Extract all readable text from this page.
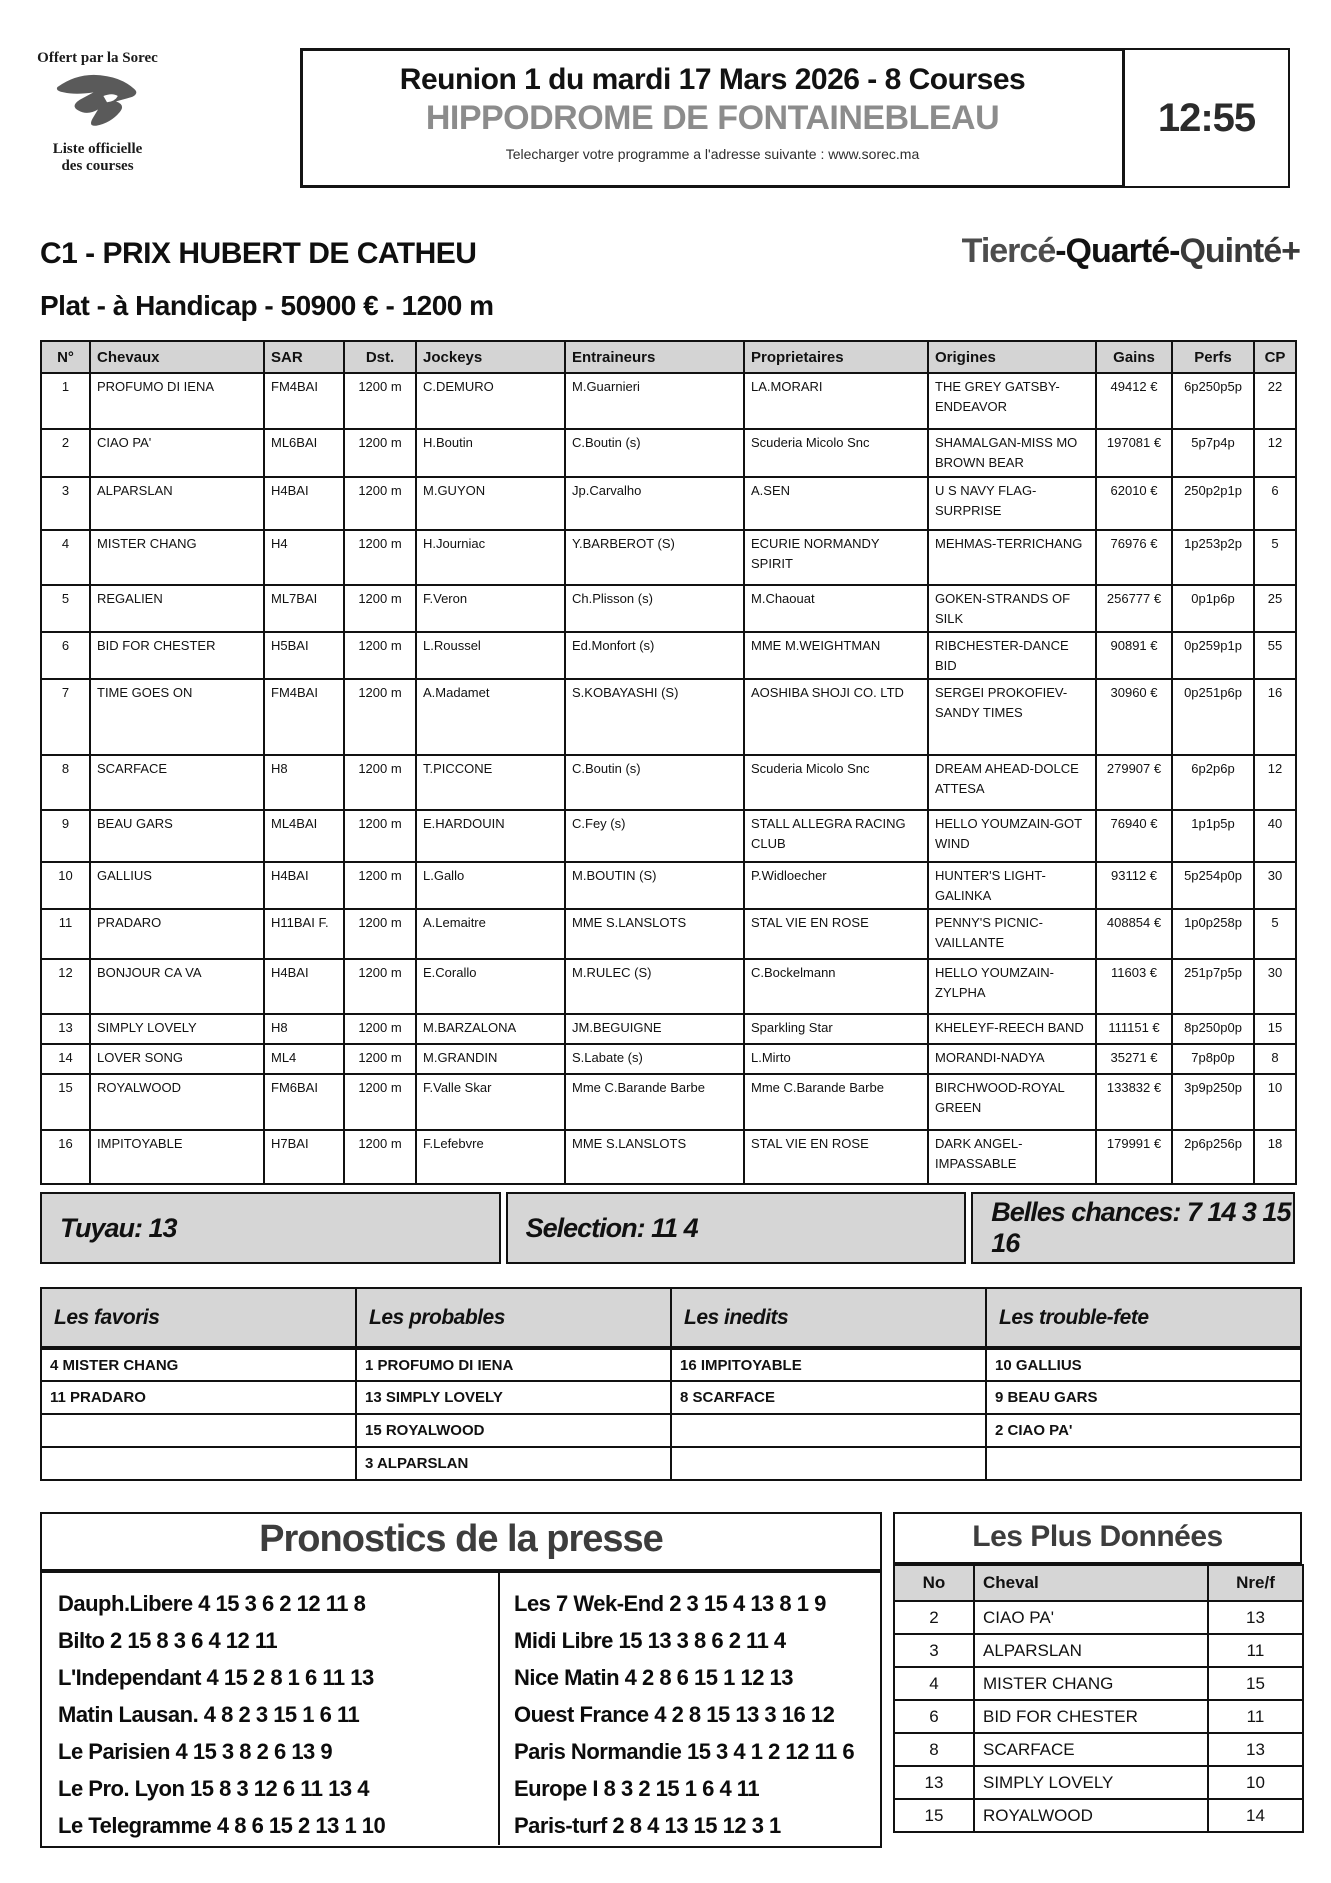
Offert par la Sorec
Liste officielle
des courses
Reunion 1 du mardi 17 Mars 2026 - 8 Courses
HIPPODROME DE FONTAINEBLEAU
Telecharger votre programme a l'adresse suivante : www.sorec.ma
12:55
C1 - PRIX HUBERT DE CATHEU	Tiercé-Quarté-Quinté+
Plat - à Handicap - 50900 € - 1200 m
N°	Chevaux	SAR	Dst.	Jockeys	Entraineurs	Proprietaires	Origines	Gains	Perfs	CP
1	PROFUMO DI IENA	FM4BAI	1200 m	C.DEMURO	M.Guarnieri	LA.MORARI	THE GREY GATSBY-ENDEAVOR	49412 €	6p250p5p	22
2	CIAO PA'	ML6BAI	1200 m	H.Boutin	C.Boutin (s)	Scuderia Micolo Snc	SHAMALGAN-MISS MO BROWN BEAR	197081 €	5p7p4p	12
3	ALPARSLAN	H4BAI	1200 m	M.GUYON	Jp.Carvalho	A.SEN	U S NAVY FLAG-SURPRISE	62010 €	250p2p1p	6
4	MISTER CHANG	H4	1200 m	H.Journiac	Y.BARBEROT (S)	ECURIE NORMANDY SPIRIT	MEHMAS-TERRICHANG	76976 €	1p253p2p	5
5	REGALIEN	ML7BAI	1200 m	F.Veron	Ch.Plisson (s)	M.Chaouat	GOKEN-STRANDS OF SILK	256777 €	0p1p6p	25
6	BID FOR CHESTER	H5BAI	1200 m	L.Roussel	Ed.Monfort (s)	MME M.WEIGHTMAN	RIBCHESTER-DANCE BID	90891 €	0p259p1p	55
7	TIME GOES ON	FM4BAI	1200 m	A.Madamet	S.KOBAYASHI (S)	AOSHIBA SHOJI CO. LTD	SERGEI PROKOFIEV-SANDY TIMES	30960 €	0p251p6p	16
8	SCARFACE	H8	1200 m	T.PICCONE	C.Boutin (s)	Scuderia Micolo Snc	DREAM AHEAD-DOLCE ATTESA	279907 €	6p2p6p	12
9	BEAU GARS	ML4BAI	1200 m	E.HARDOUIN	C.Fey (s)	STALL ALLEGRA RACING CLUB	HELLO YOUMZAIN-GOT WIND	76940 €	1p1p5p	40
10	GALLIUS	H4BAI	1200 m	L.Gallo	M.BOUTIN (S)	P.Widloecher	HUNTER'S LIGHT-GALINKA	93112 €	5p254p0p	30
11	PRADARO	H11BAI F.	1200 m	A.Lemaitre	MME S.LANSLOTS	STAL VIE EN ROSE	PENNY'S PICNIC-VAILLANTE	408854 €	1p0p258p	5
12	BONJOUR CA VA	H4BAI	1200 m	E.Corallo	M.RULEC (S)	C.Bockelmann	HELLO YOUMZAIN-ZYLPHA	11603 €	251p7p5p	30
13	SIMPLY LOVELY	H8	1200 m	M.BARZALONA	JM.BEGUIGNE	Sparkling Star	KHELEYF-REECH BAND	111151 €	8p250p0p	15
14	LOVER SONG	ML4	1200 m	M.GRANDIN	S.Labate (s)	L.Mirto	MORANDI-NADYA	35271 €	7p8p0p	8
15	ROYALWOOD	FM6BAI	1200 m	F.Valle Skar	Mme C.Barande Barbe	Mme C.Barande Barbe	BIRCHWOOD-ROYAL GREEN	133832 €	3p9p250p	10
16	IMPITOYABLE	H7BAI	1200 m	F.Lefebvre	MME S.LANSLOTS	STAL VIE EN ROSE	DARK ANGEL-IMPASSABLE	179991 €	2p6p256p	18
Tuyau: 13	Selection: 11 4
Belles chances: 7 14 3 15 16
Les favoris	Les probables	Les inedits	Les trouble-fete
4 MISTER CHANG	1 PROFUMO DI IENA	16 IMPITOYABLE	10 GALLIUS
11 PRADARO	13 SIMPLY LOVELY	8 SCARFACE	9 BEAU GARS
	15 ROYALWOOD		2 CIAO PA'
	3 ALPARSLAN		
Pronostics de la presse
Dauph.Libere 4 15 3 6 2 12 11 8
Bilto 2 15 8 3 6 4 12 11
L'Independant 4 15 2 8 1 6 11 13
Matin Lausan. 4 8 2 3 15 1 6 11
Le Parisien 4 15 3 8 2 6 13 9
Le Pro. Lyon 15 8 3 12 6 11 13 4
Le Telegramme 4 8 6 15 2 13 1 10
Les 7 Wek-End 2 3 15 4 13 8 1 9
Midi Libre 15 13 3 8 6 2 11 4
Nice Matin 4 2 8 6 15 1 12 13
Ouest France 4 2 8 15 13 3 16 12
Paris Normandie 15 3 4 1 2 12 11 6
Europe I 8 3 2 15 1 6 4 11
Paris-turf 2 8 4 13 15 12 3 1
Les Plus Données
No	Cheval	Nre/f
2	CIAO PA'	13
3	ALPARSLAN	11
4	MISTER CHANG	15
6	BID FOR CHESTER	11
8	SCARFACE	13
13	SIMPLY LOVELY	10
15	ROYALWOOD	14
